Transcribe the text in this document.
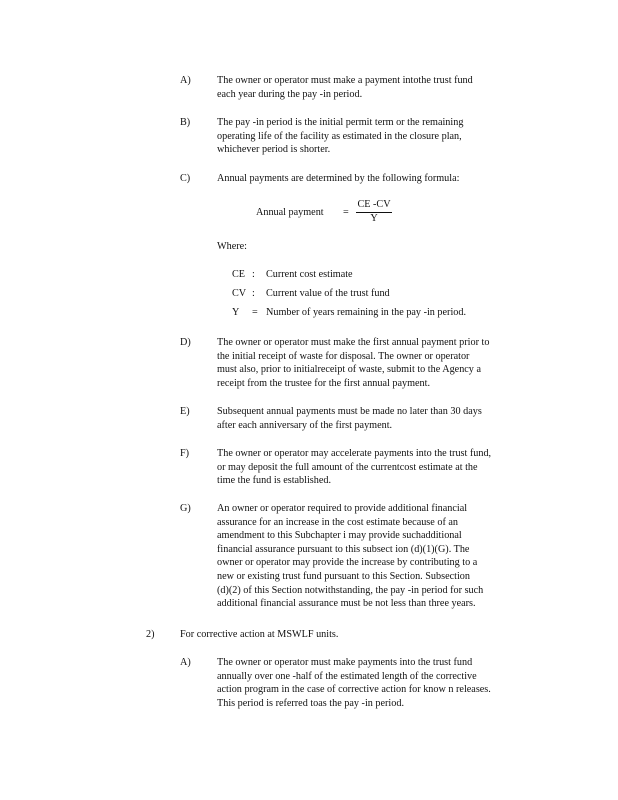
A)	The owner or operator must make a payment intothe trust fund
each year during the pay -in period.
B)	The pay -in period is the initial permit term or the remaining
operating life of the facility as estimated in the closure plan,
whichever period is shorter.
C)	Annual payments are determined by the following formula:
Annual payment =
CE -CV
Y
Where:
CE : Current cost estimate
CV : Current value of the trust fund
Y = Number of years remaining in the pay -in period.
D)	The owner or operator must make the first annual payment prior to
the initial receipt of waste for disposal. The owner or operator
must also, prior to initialreceipt of waste, submit to the Agency a
receipt from the trustee for the first annual payment.
E)	Subsequent annual payments must be made no later than 30 days
after each anniversary of the first payment.
F)	The owner or operator may accelerate payments into the trust fund,
or may deposit the full amount of the currentcost estimate at the
time the fund is established.
G)	An owner or operator required to provide additional financial
assurance for an increase in the cost estimate because of an
amendment to this Subchapter i may provide suchadditional
financial assurance pursuant to this subsect ion (d)(1)(G). The
owner or operator may provide the increase by contributing to a
new or existing trust fund pursuant to this Section. Subsection
(d)(2) of this Section notwithstanding, the pay -in period for such
additional financial assurance must be not less than three years.
2)	For corrective action at MSWLF units.
A)	The owner or operator must make payments into the trust fund
annually over one -half of the estimated length of the corrective
action program in the case of corrective action for know n releases.
This period is referred toas the pay -in period.
